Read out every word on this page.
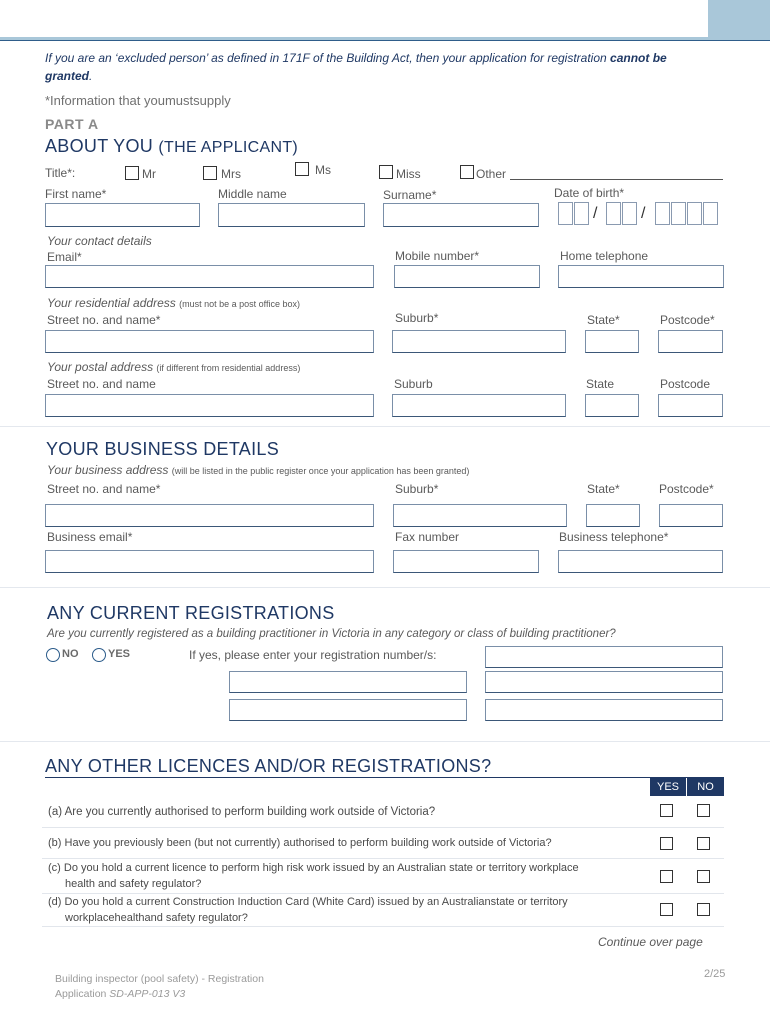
If you are an ‘excluded person’ as defined in 171F of the Building Act, then your application for registration cannot be
granted.
*Information that youmustsupply
PART A
ABOUT YOU (THE APPLICANT)
Title*:	Mr	Mrs	Ms	Miss	Other
First name*	Middle name	Surname*	Date of birth*
/	/
Your contact details
Email*	Mobile number*	Home telephone
Your residential address (must not be a post office box)
Street no. and name*	Suburb*	State*	Postcode*
Your postal address (if different from residential address)
Street no. and name	Suburb	State	Postcode
YOUR BUSINESS DETAILS
Your business address (will be listed in the public register once your application has been granted)
Street no. and name*	Suburb*	State*	Postcode*
Business email*	Fax number	Business telephone*
ANY CURRENT REGISTRATIONS
Are you currently registered as a building practitioner in Victoria in any category or class of building practitioner?
NO	YES	If yes, please enter your registration number/s:
ANY OTHER LICENCES AND/OR REGISTRATIONS?
YES	NO
(a) Are you currently authorised to perform building work outside of Victoria?
(b) Have you previously been (but not currently) authorised to perform building work outside of Victoria?
(c) Do you hold a current licence to perform high risk work issued by an Australian state or territory workplace
health and safety regulator?
(d) Do you hold a current Construction Induction Card (White Card) issued by an Australianstate or territory
workplacehealthand safety regulator?
Continue over page
Building inspector (pool safety) - Registration
Application SD-APP-013 V3
2/25
